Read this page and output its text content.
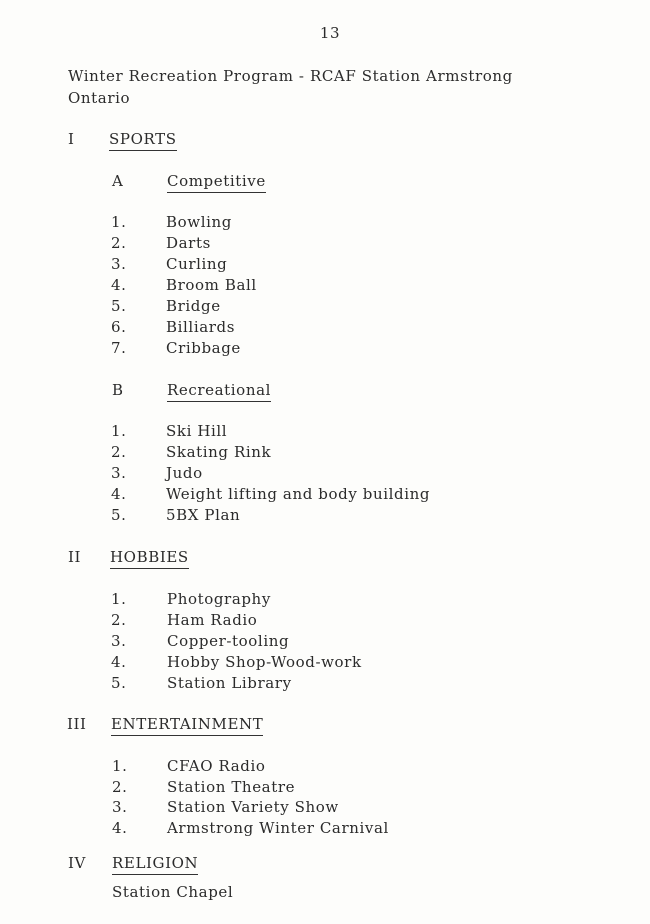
13
Winter Recreation Program - RCAF Station Armstrong
Ontario
I SPORTS
A	Competitive
1.	Bowling
2.	Darts
3.	Curling
4.	Broom Ball
5.	Bridge
6.	Billiards
7.	Cribbage
B	Recreational
1.	Ski Hill
2.	Skating Rink
3.	Judo
4.	Weight lifting and body building
5.	5BX Plan
II HOBBIES
1.	Photography
2.	Ham Radio
3.	Copper-tooling
4.	Hobby Shop-Wood-work
5.	Station Library
III ENTERTAINMENT
1.	CFAO Radio
2.	Station Theatre
3.	Station Variety Show
4.	Armstrong Winter Carnival
IV RELIGION
Station Chapel
